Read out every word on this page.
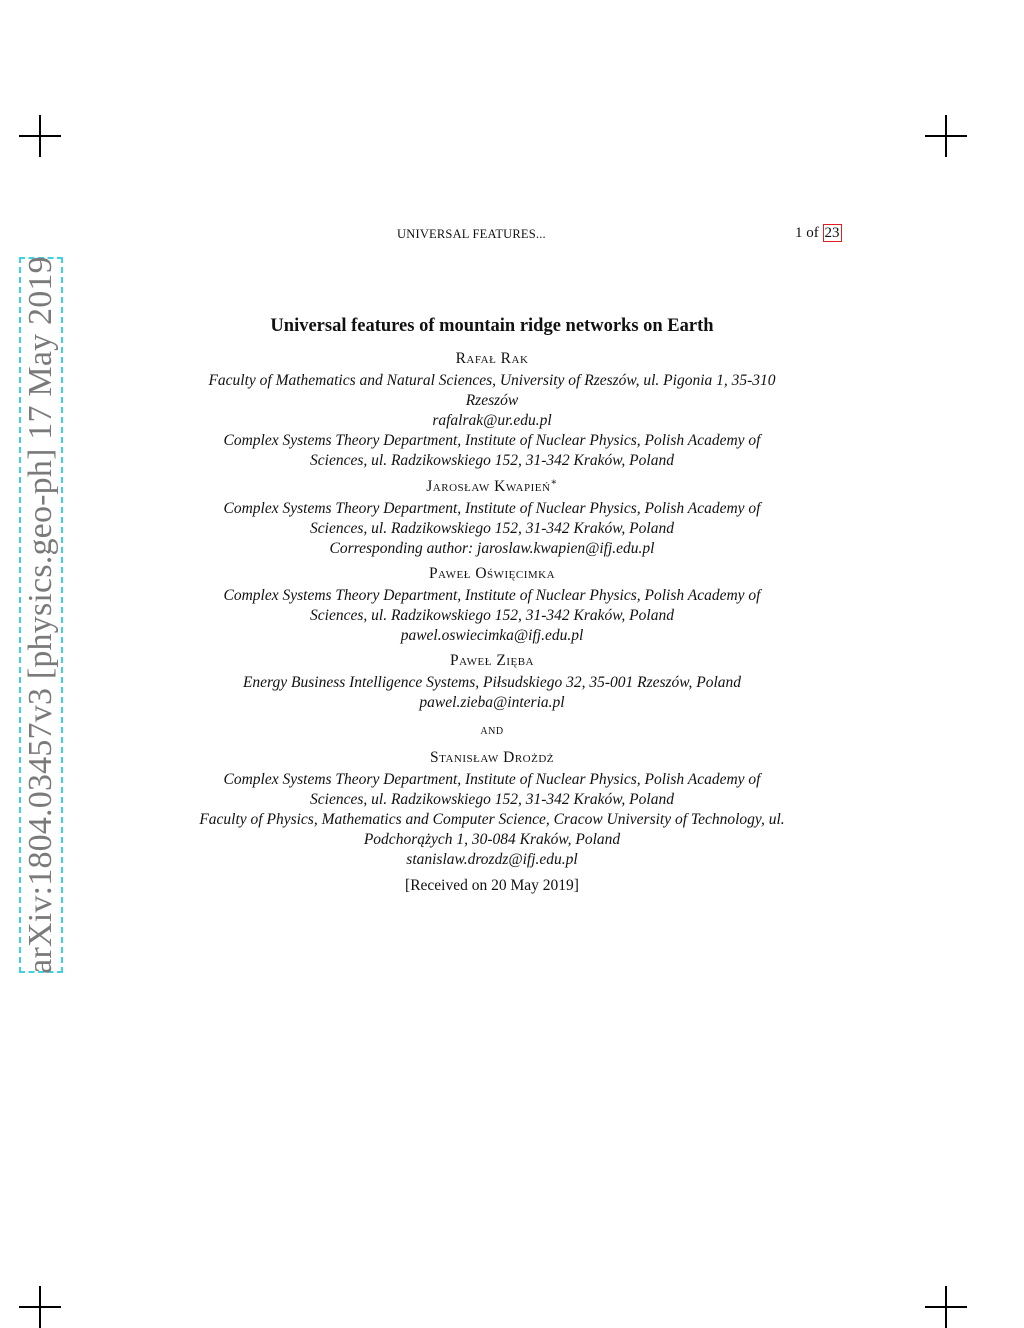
arXiv:1804.03457v3 [physics.geo-ph] 17 May 2019
UNIVERSAL FEATURES...	1 of 23
Universal features of mountain ridge networks on Earth
Rafał Rak
Faculty of Mathematics and Natural Sciences, University of Rzeszów, ul. Pigonia 1, 35-310
Rzeszów
rafalrak@ur.edu.pl
Complex Systems Theory Department, Institute of Nuclear Physics, Polish Academy of
Sciences, ul. Radzikowskiego 152, 31-342 Kraków, Poland
Jarosław Kwapień∗
Complex Systems Theory Department, Institute of Nuclear Physics, Polish Academy of
Sciences, ul. Radzikowskiego 152, 31-342 Kraków, Poland
Corresponding author: jaroslaw.kwapien@ifj.edu.pl
Paweł Oświęcimka
Complex Systems Theory Department, Institute of Nuclear Physics, Polish Academy of
Sciences, ul. Radzikowskiego 152, 31-342 Kraków, Poland
pawel.oswiecimka@ifj.edu.pl
Paweł Zięba
Energy Business Intelligence Systems, Piłsudskiego 32, 35-001 Rzeszów, Poland
pawel.zieba@interia.pl
and
Stanisław Drożdż
Complex Systems Theory Department, Institute of Nuclear Physics, Polish Academy of
Sciences, ul. Radzikowskiego 152, 31-342 Kraków, Poland
Faculty of Physics, Mathematics and Computer Science, Cracow University of Technology, ul.
Podchorążych 1, 30-084 Kraków, Poland
stanislaw.drozdz@ifj.edu.pl
[Received on 20 May 2019]
